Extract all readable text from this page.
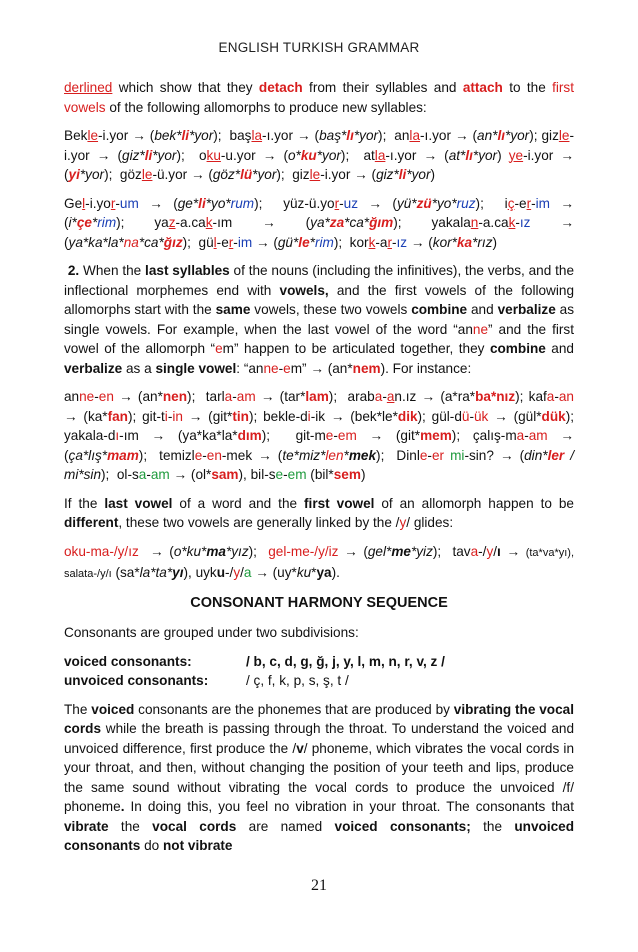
ENGLISH TURKISH GRAMMAR

derlined which show that they detach from their syllables and attach to the first vowels of the following allomorphs to produce new syllables:

Bekle-i.yor → (bek*li*yor);  başla-ı.yor → (baş*lı*yor);  anla-ı.yor → (an*lı*yor); gizle-i.yor → (giz*li*yor);  oku-u.yor → (o*ku*yor);  atla-ı.yor → (at*lı*yor) ye-i.yor → (yi*yor);  gözle-ü.yor → (göz*lü*yor);  gizle-i.yor → (giz*li*yor)

Gel-i.yor-um → (ge*li*yo*rum);  yüz-ü.yor-uz → (yü*zü*yo*ruz);  iç-er-im → (i*çe*rim); yaz-a.cak-ım → (ya*za*ca*ğım); yakalan-a.cak-ız → (ya*ka*la*na*ca*ğız);  gül-er-im → (gü*le*rim);  kork-ar-ız → (kor*ka*rız)

2. When the last syllables of the nouns (including the infinitives), the verbs, and the inflectional morphemes end with vowels, and the first vowels of the following allomorphs start with the same vowels, these two vowels combine and verbalize as single vowels. For example, when the last vowel of the word “anne” and the first vowel of the allomorph “em” happen to be articulated together, they combine and verbalize as a single vowel: “anne-em” → (an*nem). For instance:

anne-en → (an*nen);  tarla-am → (tar*lam);  araba-an.ız → (a*ra*ba*nız); kafa-an → (ka*fan); git-ti-in → (git*tin); bekle-di-ik → (bek*le*dik); gül-dü-ük → (gül*dük); yakala-dı-ım → (ya*ka*la*dım);  git-me-em → (git*mem); çalış-ma-am → (ça*lış*mam);  temizle-en-mek → (te*miz*len*mek);  Dinle-er mi-sin? → (din*ler / mi*sin);  ol-sa-am → (ol*sam), bil-se-em (bil*sem)

If the last vowel of a word and the first vowel of an allomorph happen to be different, these two vowels are generally linked by the /y/ glides:

oku-ma-/y/ız  → (o*ku*ma*yız);  gel-me-/y/iz → (gel*me*yiz);  tava-/y/ı → (ta*va*yı), salata-/y/ı (sa*la*ta*yı), uyku-/y/a → (uy*ku*ya).

CONSONANT HARMONY SEQUENCE

Consonants are grouped under two subdivisions:

voiced consonants:	/ b, c, d, g, ğ, j, y, l, m, n, r, v, z /
unvoiced consonants:	/ ç, f, k, p, s, ş, t /

The voiced consonants are the phonemes that are produced by vibrating the vocal cords while the breath is passing through the throat. To understand the voiced and unvoiced difference, first produce the /v/ phoneme, which vibrates the vocal cords in your throat, and then, without changing the position of your teeth and lips, produce the same sound without vibrating the vocal cords to produce the unvoiced /f/ phoneme. In doing this, you feel no vibration in your throat. The consonants that vibrate the vocal cords are named voiced consonants; the unvoiced consonants do not vibrate

21
